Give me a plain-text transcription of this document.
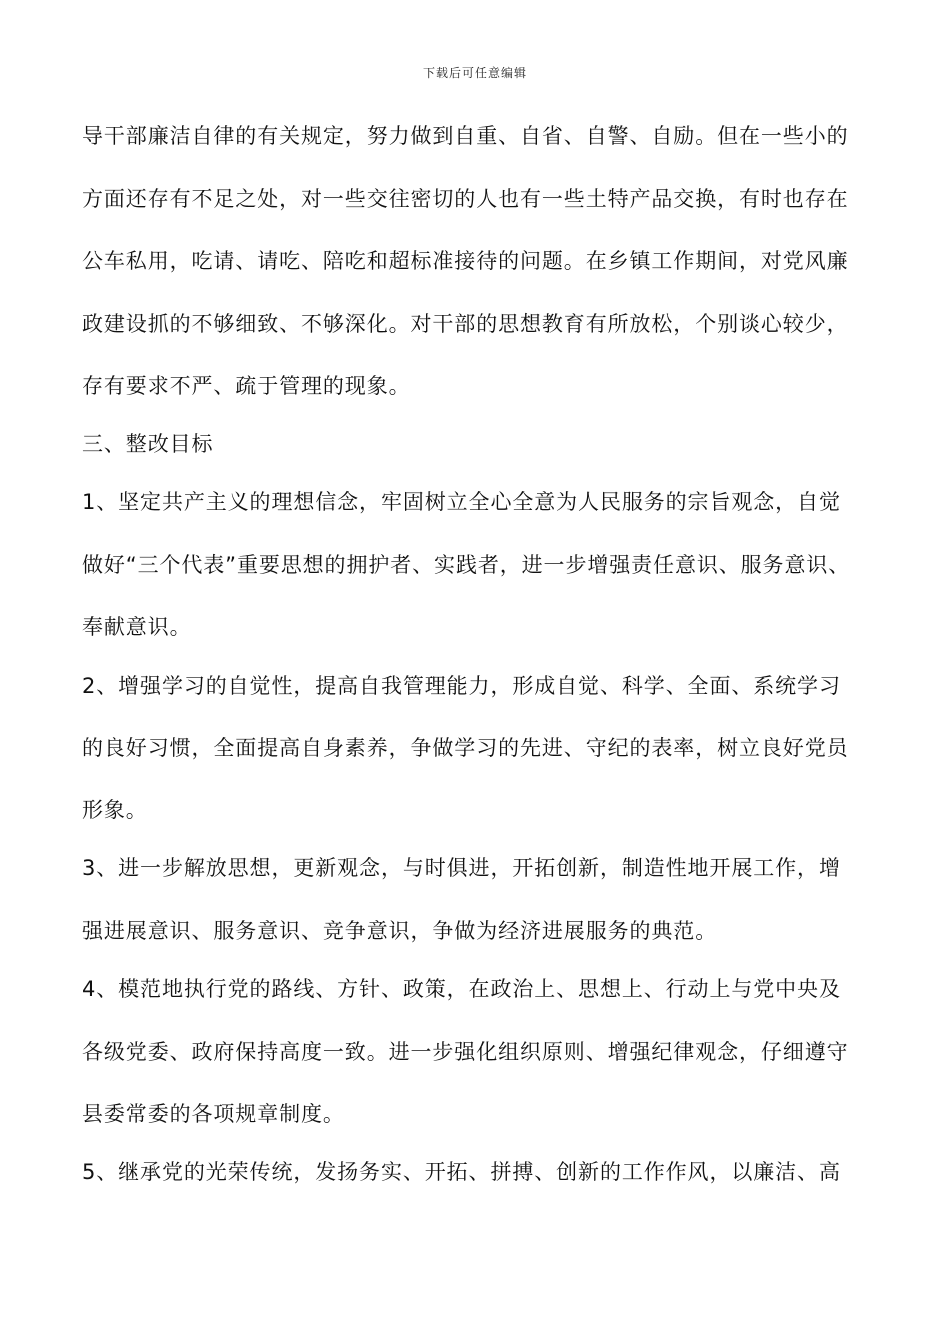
下载后可任意编辑
导干部廉洁自律的有关规定，努力做到自重、自省、自警、自励。但在一些小的
方面还存有不足之处，对一些交往密切的人也有一些土特产品交换，有时也存在
公车私用，吃请、请吃、陪吃和超标准接待的问题。在乡镇工作期间，对党风廉
政建设抓的不够细致、不够深化。对干部的思想教育有所放松，个别谈心较少，
存有要求不严、疏于管理的现象。
三、整改目标
1、坚定共产主义的理想信念，牢固树立全心全意为人民服务的宗旨观念，自觉
做好“三个代表”重要思想的拥护者、实践者，进一步增强责任意识、服务意识、
奉献意识。
2、增强学习的自觉性，提高自我管理能力，形成自觉、科学、全面、系统学习
的良好习惯，全面提高自身素养，争做学习的先进、守纪的表率，树立良好党员
形象。
3、进一步解放思想，更新观念，与时俱进，开拓创新，制造性地开展工作，增
强进展意识、服务意识、竞争意识，争做为经济进展服务的典范。
4、模范地执行党的路线、方针、政策，在政治上、思想上、行动上与党中央及
各级党委、政府保持高度一致。进一步强化组织原则、增强纪律观念，仔细遵守
县委常委的各项规章制度。
5、继承党的光荣传统，发扬务实、开拓、拼搏、创新的工作作风，以廉洁、高
